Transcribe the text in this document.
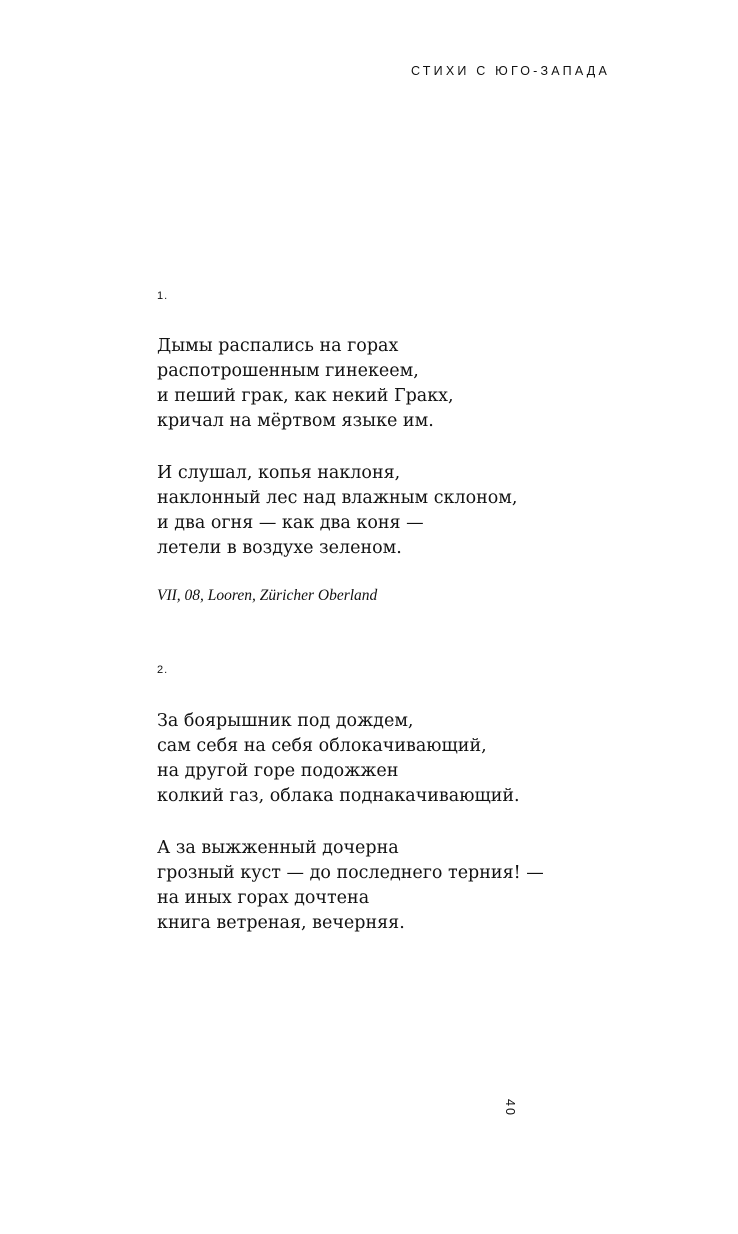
СТИХИ С ЮГО-ЗАПАДА
1.
Дымы распались на горах
распотрошенным гинекеем,
и пеший грак, как некий Гракх,
кричал на мёртвом языке им.
И слушал, копья наклоня,
наклонный лес над влажным склоном,
и два огня — как два коня —
летели в воздухе зеленом.
VII, 08, Looren, Züricher Oberland
2.
За боярышник под дождем,
сам себя на себя облокачивающий,
на другой горе подожжен
колкий газ, облака поднакачивающий.
А за выжженный дочерна
грозный куст — до последнего терния! —
на иных горах дочтена
книга ветреная, вечерняя.
40
